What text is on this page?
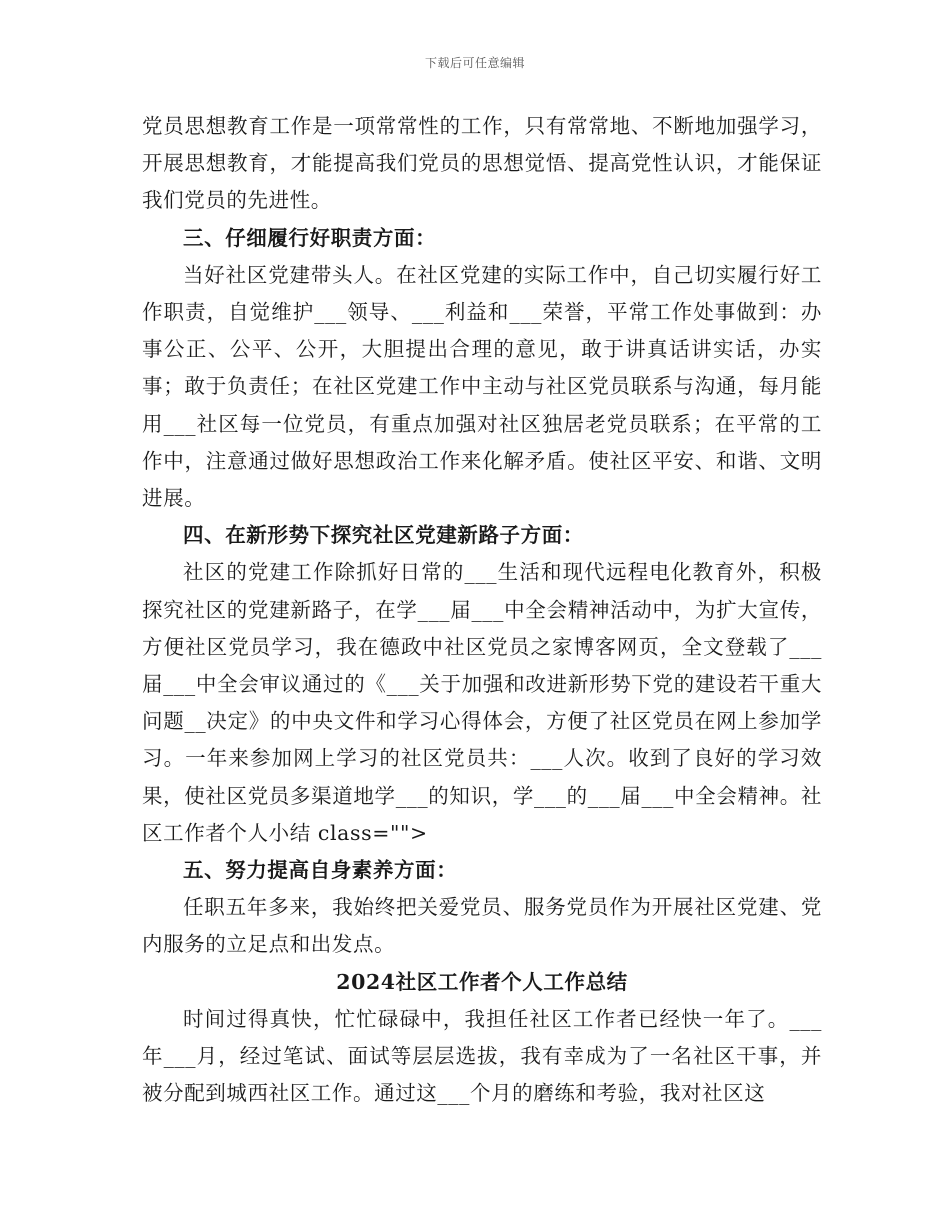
下载后可任意编辑

党员思想教育工作是一项常常性的工作，只有常常地、不断地加强学习，开展思想教育，才能提高我们党员的思想觉悟、提高党性认识，才能保证我们党员的先进性。

三、仔细履行好职责方面：

当好社区党建带头人。在社区党建的实际工作中，自己切实履行好工作职责，自觉维护___领导、___利益和___荣誉，平常工作处事做到：办事公正、公平、公开，大胆提出合理的意见，敢于讲真话讲实话，办实事；敢于负责任；在社区党建工作中主动与社区党员联系与沟通，每月能用___社区每一位党员，有重点加强对社区独居老党员联系；在平常的工作中，注意通过做好思想政治工作来化解矛盾。使社区平安、和谐、文明进展。

四、在新形势下探究社区党建新路子方面：

社区的党建工作除抓好日常的___生活和现代远程电化教育外，积极探究社区的党建新路子，在学___届___中全会精神活动中，为扩大宣传，方便社区党员学习，我在德政中社区党员之家博客网页，全文登载了___届___中全会审议通过的《___关于加强和改进新形势下党的建设若干重大问题__决定》的中央文件和学习心得体会，方便了社区党员在网上参加学习。一年来参加网上学习的社区党员共：___人次。收到了良好的学习效果，使社区党员多渠道地学___的知识，学___的___届___中全会精神。社区工作者个人小结 class="">

五、努力提高自身素养方面：

任职五年多来，我始终把关爱党员、服务党员作为开展社区党建、党内服务的立足点和出发点。

2024社区工作者个人工作总结

时间过得真快，忙忙碌碌中，我担任社区工作者已经快一年了。___年___月，经过笔试、面试等层层选拔，我有幸成为了一名社区干事，并被分配到城西社区工作。通过这___个月的磨练和考验，我对社区这
